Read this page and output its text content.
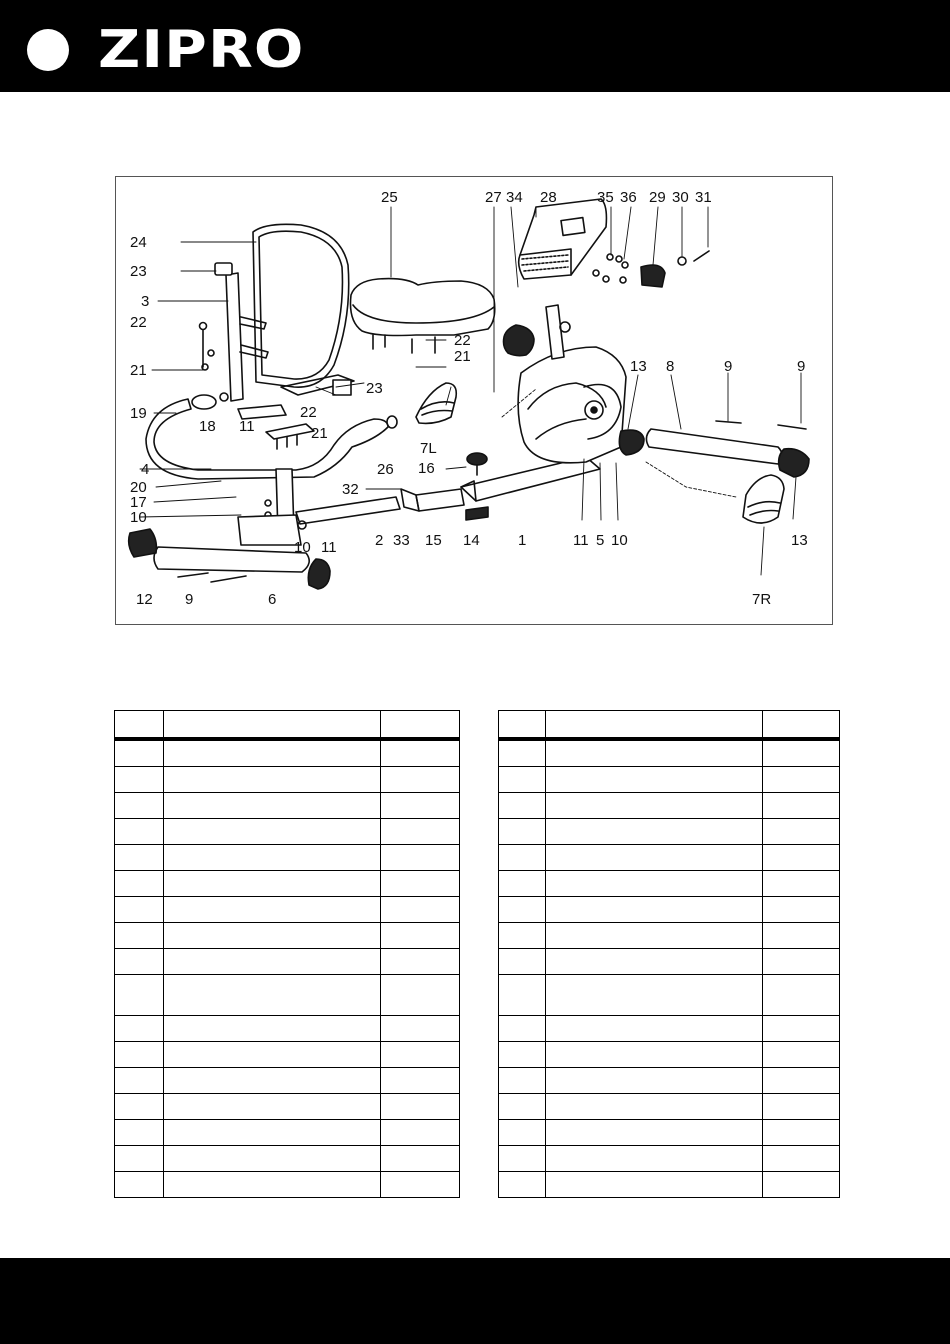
ZIPRO
24
23
3
22
21
19
18 11
22
21
4
20
17
10
10 11
12 9	6
25
22
21
23
7L
26 16
32
2 33 15 14	1
27 34 28	35 36 29 30 31
13 8	9	9
11 5 10	13
7R
